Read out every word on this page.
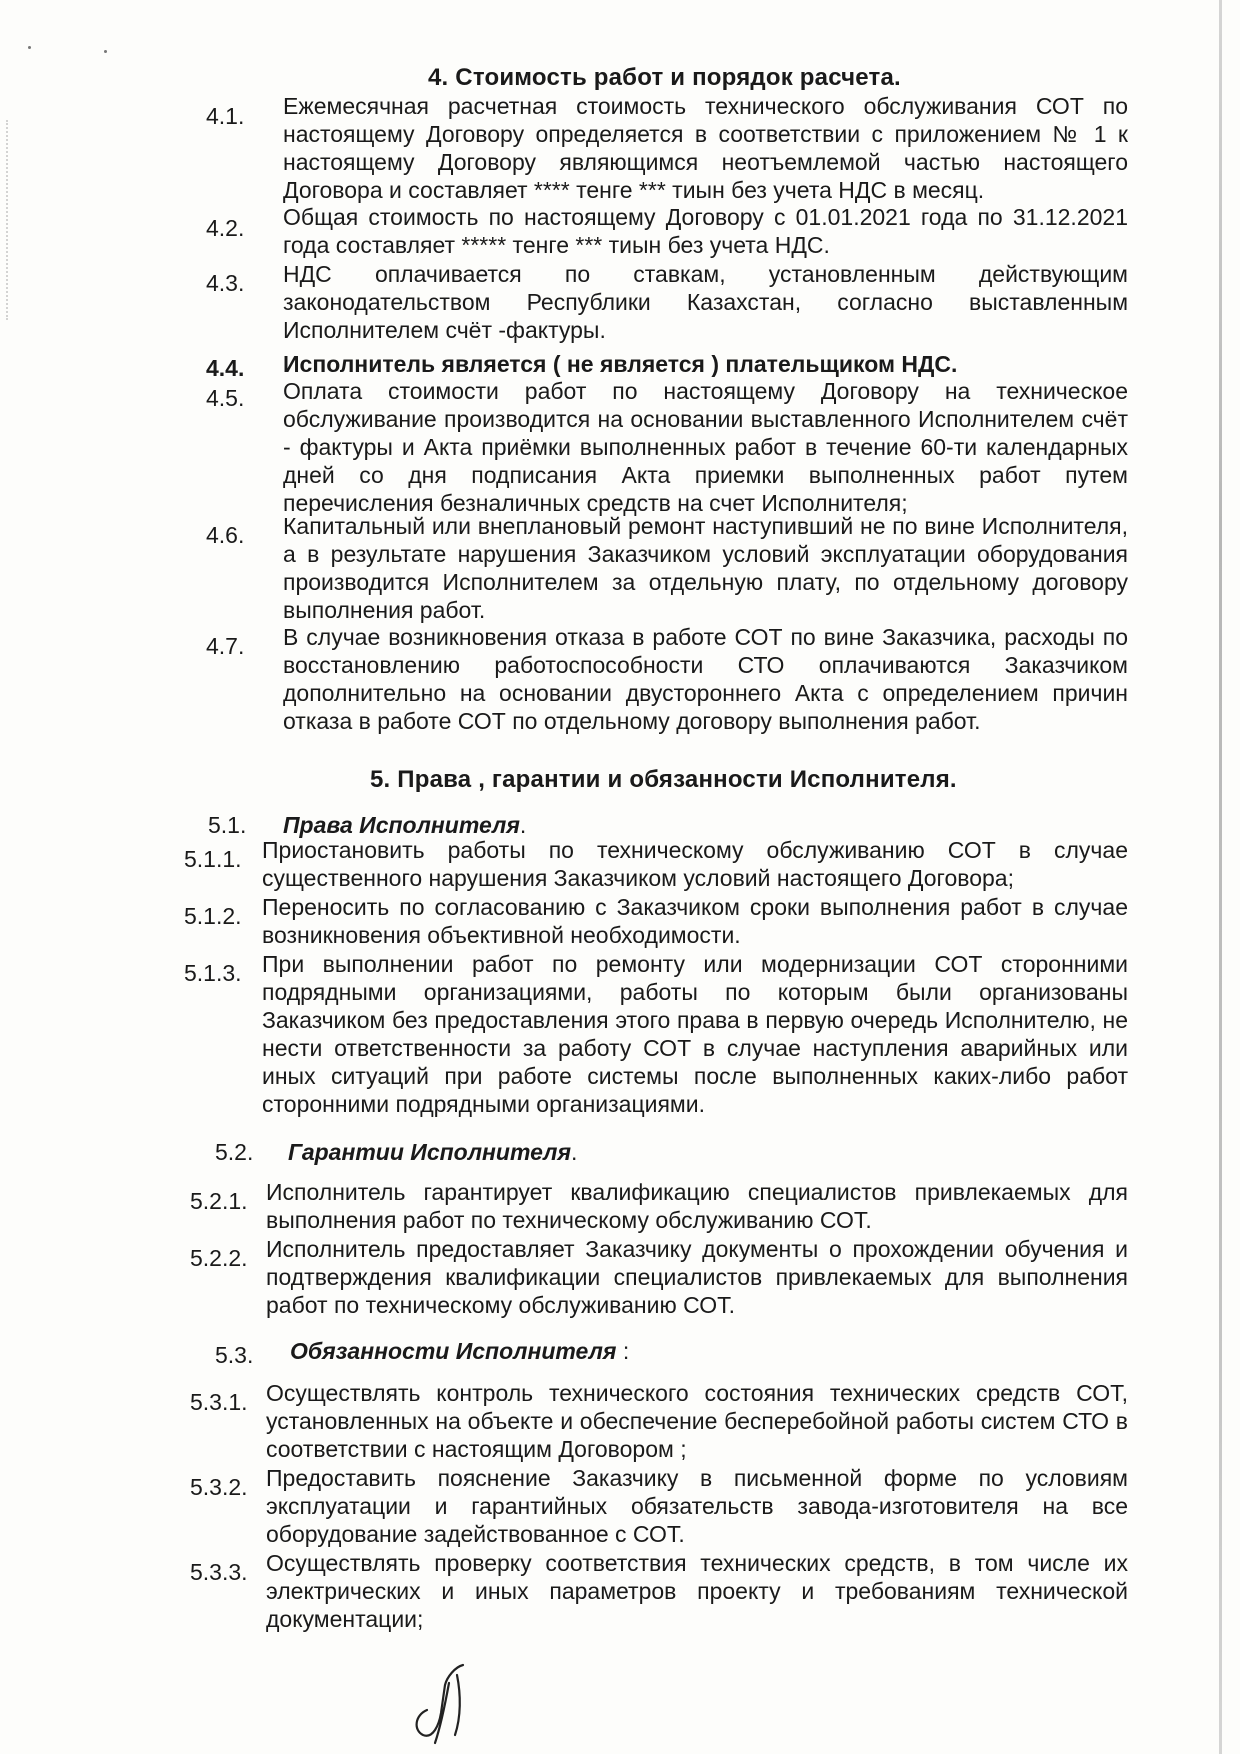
4. Стоимость работ и порядок расчета.
4.1. Ежемесячная расчетная стоимость технического обслуживания СОТ по настоящему Договору определяется в соответствии с приложением № 1 к настоящему Договору являющимся неотъемлемой частью настоящего Договора и составляет **** тенге *** тиын без учета НДС в месяц.
4.2. Общая стоимость по настоящему Договору с 01.01.2021 года по 31.12.2021 года составляет ***** тенге *** тиын без учета НДС.
4.3. НДС оплачивается по ставкам, установленным действующим законодательством Республики Казахстан, согласно выставленным Исполнителем счёт -фактуры.
4.4. Исполнитель является ( не является ) плательщиком НДС.
4.5. Оплата стоимости работ по настоящему Договору на техническое обслуживание производится на основании выставленного Исполнителем счёт - фактуры и Акта приёмки выполненных работ в течение 60-ти календарных дней со дня подписания Акта приемки выполненных работ путем перечисления безналичных средств на счет Исполнителя;
4.6. Капитальный или внеплановый ремонт наступивший не по вине Исполнителя, а в результате нарушения Заказчиком условий эксплуатации оборудования производится Исполнителем за отдельную плату, по отдельному договору выполнения работ.
4.7. В случае возникновения отказа в работе СОТ по вине Заказчика, расходы по восстановлению работоспособности СТО оплачиваются Заказчиком дополнительно на основании двустороннего Акта с определением причин отказа в работе СОТ по отдельному договору выполнения работ.
5. Права , гарантии и обязанности Исполнителя.
5.1. Права Исполнителя.
5.1.1. Приостановить работы по техническому обслуживанию СОТ в случае существенного нарушения Заказчиком условий настоящего Договора;
5.1.2. Переносить по согласованию с Заказчиком сроки выполнения работ в случае возникновения объективной необходимости.
5.1.3. При выполнении работ по ремонту или модернизации СОТ сторонними подрядными организациями, работы по которым были организованы Заказчиком без предоставления этого права в первую очередь Исполнителю, не нести ответственности за работу СОТ в случае наступления аварийных или иных ситуаций при работе системы после выполненных каких-либо работ сторонними подрядными организациями.
5.2. Гарантии Исполнителя.
5.2.1. Исполнитель гарантирует квалификацию специалистов привлекаемых для выполнения работ по техническому обслуживанию СОТ.
5.2.2. Исполнитель предоставляет Заказчику документы о прохождении обучения и подтверждения квалификации специалистов привлекаемых для выполнения работ по техническому обслуживанию СОТ.
5.3. Обязанности Исполнителя :
5.3.1. Осуществлять контроль технического состояния технических средств СОТ, установленных на объекте и обеспечение бесперебойной работы систем СТО в соответствии с настоящим Договором ;
5.3.2. Предоставить пояснение Заказчику в письменной форме по условиям эксплуатации и гарантийных обязательств завода-изготовителя на все оборудование задействованное с СОТ.
5.3.3. Осуществлять проверку соответствия технических средств, в том числе их электрических и иных параметров проекту и требованиям технической документации;
